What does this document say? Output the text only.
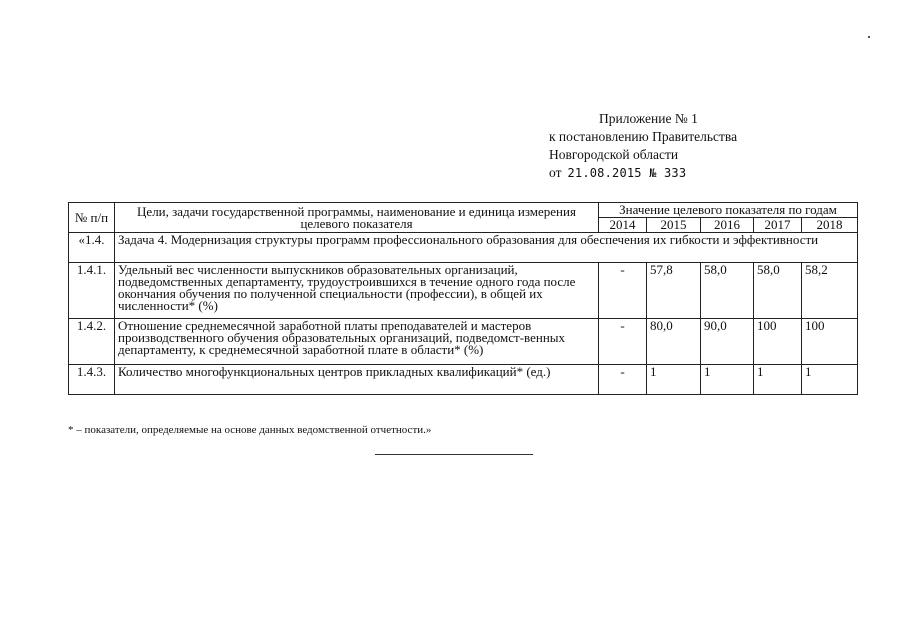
Приложение № 1
к постановлению Правительства
Новгородской области
от 21.08.2015 № 333
№ п/п	Цели, задачи государственной программы, наименование и единица измерения целевого показателя	Значение целевого показателя по годам				
		2014	2015	2016	2017	2018
«1.4.	Задача 4. Модернизация структуры программ профессионального образования для обеспечения их гибкости и эффективности					
1.4.1.	Удельный вес численности выпускников образовательных организаций, подведомственных департаменту, трудоустроившихся в течение одного года после окончания обучения по полученной специальности (профессии), в общей их численности* (%)	-	57,8	58,0	58,0	58,2
1.4.2.	Отношение среднемесячной заработной платы преподавателей и мастеров производственного обучения образовательных организаций, подведомст-венных департаменту, к среднемесячной заработной плате в области* (%)	-	80,0	90,0	100	100
1.4.3.	Количество многофункциональных центров прикладных квалификаций* (ед.)	-	1	1	1	1
* – показатели, определяемые на основе данных ведомственной отчетности.»
